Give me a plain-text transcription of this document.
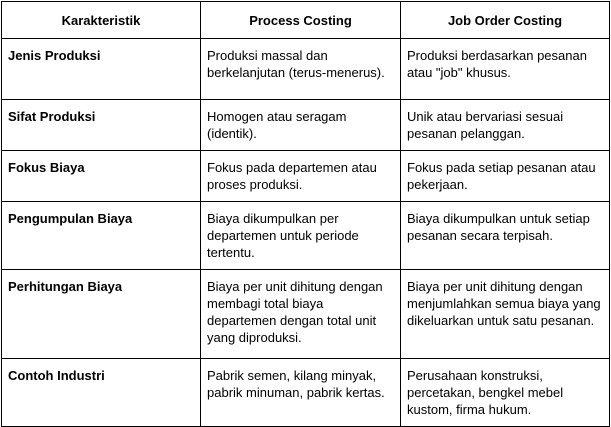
Karakteristik	Process Costing	Job Order Costing
Jenis Produksi	Produksi massal dan berkelanjutan (terus-menerus).	Produksi berdasarkan pesanan atau "job" khusus.
Sifat Produksi	Homogen atau seragam (identik).	Unik atau bervariasi sesuai pesanan pelanggan.
Fokus Biaya	Fokus pada departemen atau proses produksi.	Fokus pada setiap pesanan atau pekerjaan.
Pengumpulan Biaya	Biaya dikumpulkan per departemen untuk periode tertentu.	Biaya dikumpulkan untuk setiap pesanan secara terpisah.
Perhitungan Biaya	Biaya per unit dihitung dengan membagi total biaya departemen dengan total unit yang diproduksi.	Biaya per unit dihitung dengan menjumlahkan semua biaya yang dikeluarkan untuk satu pesanan.
Contoh Industri	Pabrik semen, kilang minyak, pabrik minuman, pabrik kertas.	Perusahaan konstruksi, percetakan, bengkel mebel kustom, firma hukum.
